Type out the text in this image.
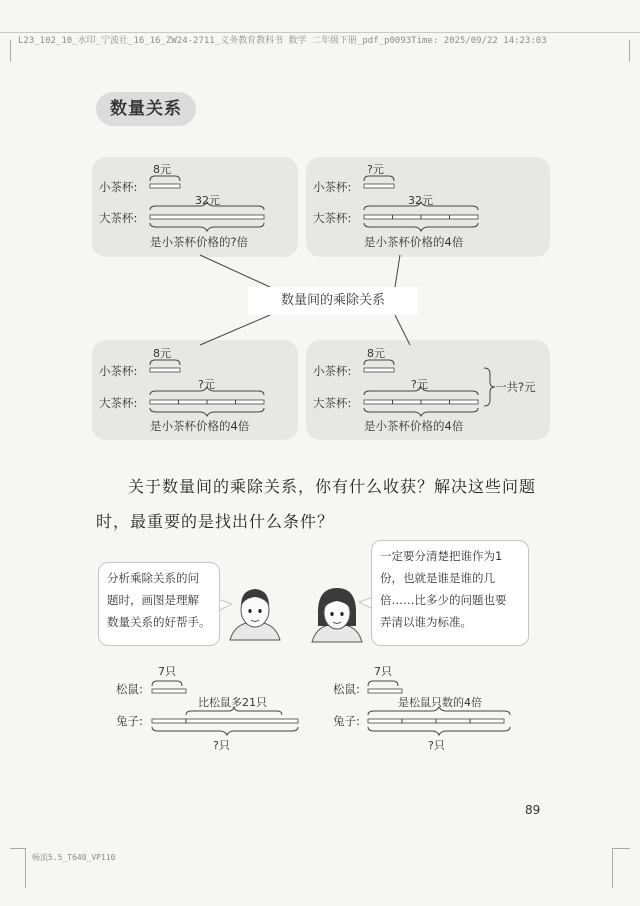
L23_102_10_水印_宁波社_16_16_ZW24-2711_义务教育教科书 数学 二年级下册_pdf_p0093Time: 2025/09/22 14:23:03
数量关系
8元
小茶杯:
32元
大茶杯:
是小茶杯价格的?倍
?元
小茶杯:
32元
大茶杯:
是小茶杯价格的4倍
数量间的乘除关系
8元
小茶杯:
?元
大茶杯:
是小茶杯价格的4倍
8元
小茶杯:
?元
大茶杯:
是小茶杯价格的4倍
一共?元
关于数量间的乘除关系，你有什么收获？解决这些问题
时，最重要的是找出什么条件？
分析乘除关系的问
题时，画图是理解
数量关系的好帮手。
一定要分清楚把谁作为1
份，也就是谁是谁的几
倍……比多少的问题也要
弄清以谁为标准。
7只
松鼠:
比松鼠多21只
兔子:
?只
7只
松鼠:
是松鼠只数的4倍
兔子:
?只
89
畅流5.5_T640_VP110
